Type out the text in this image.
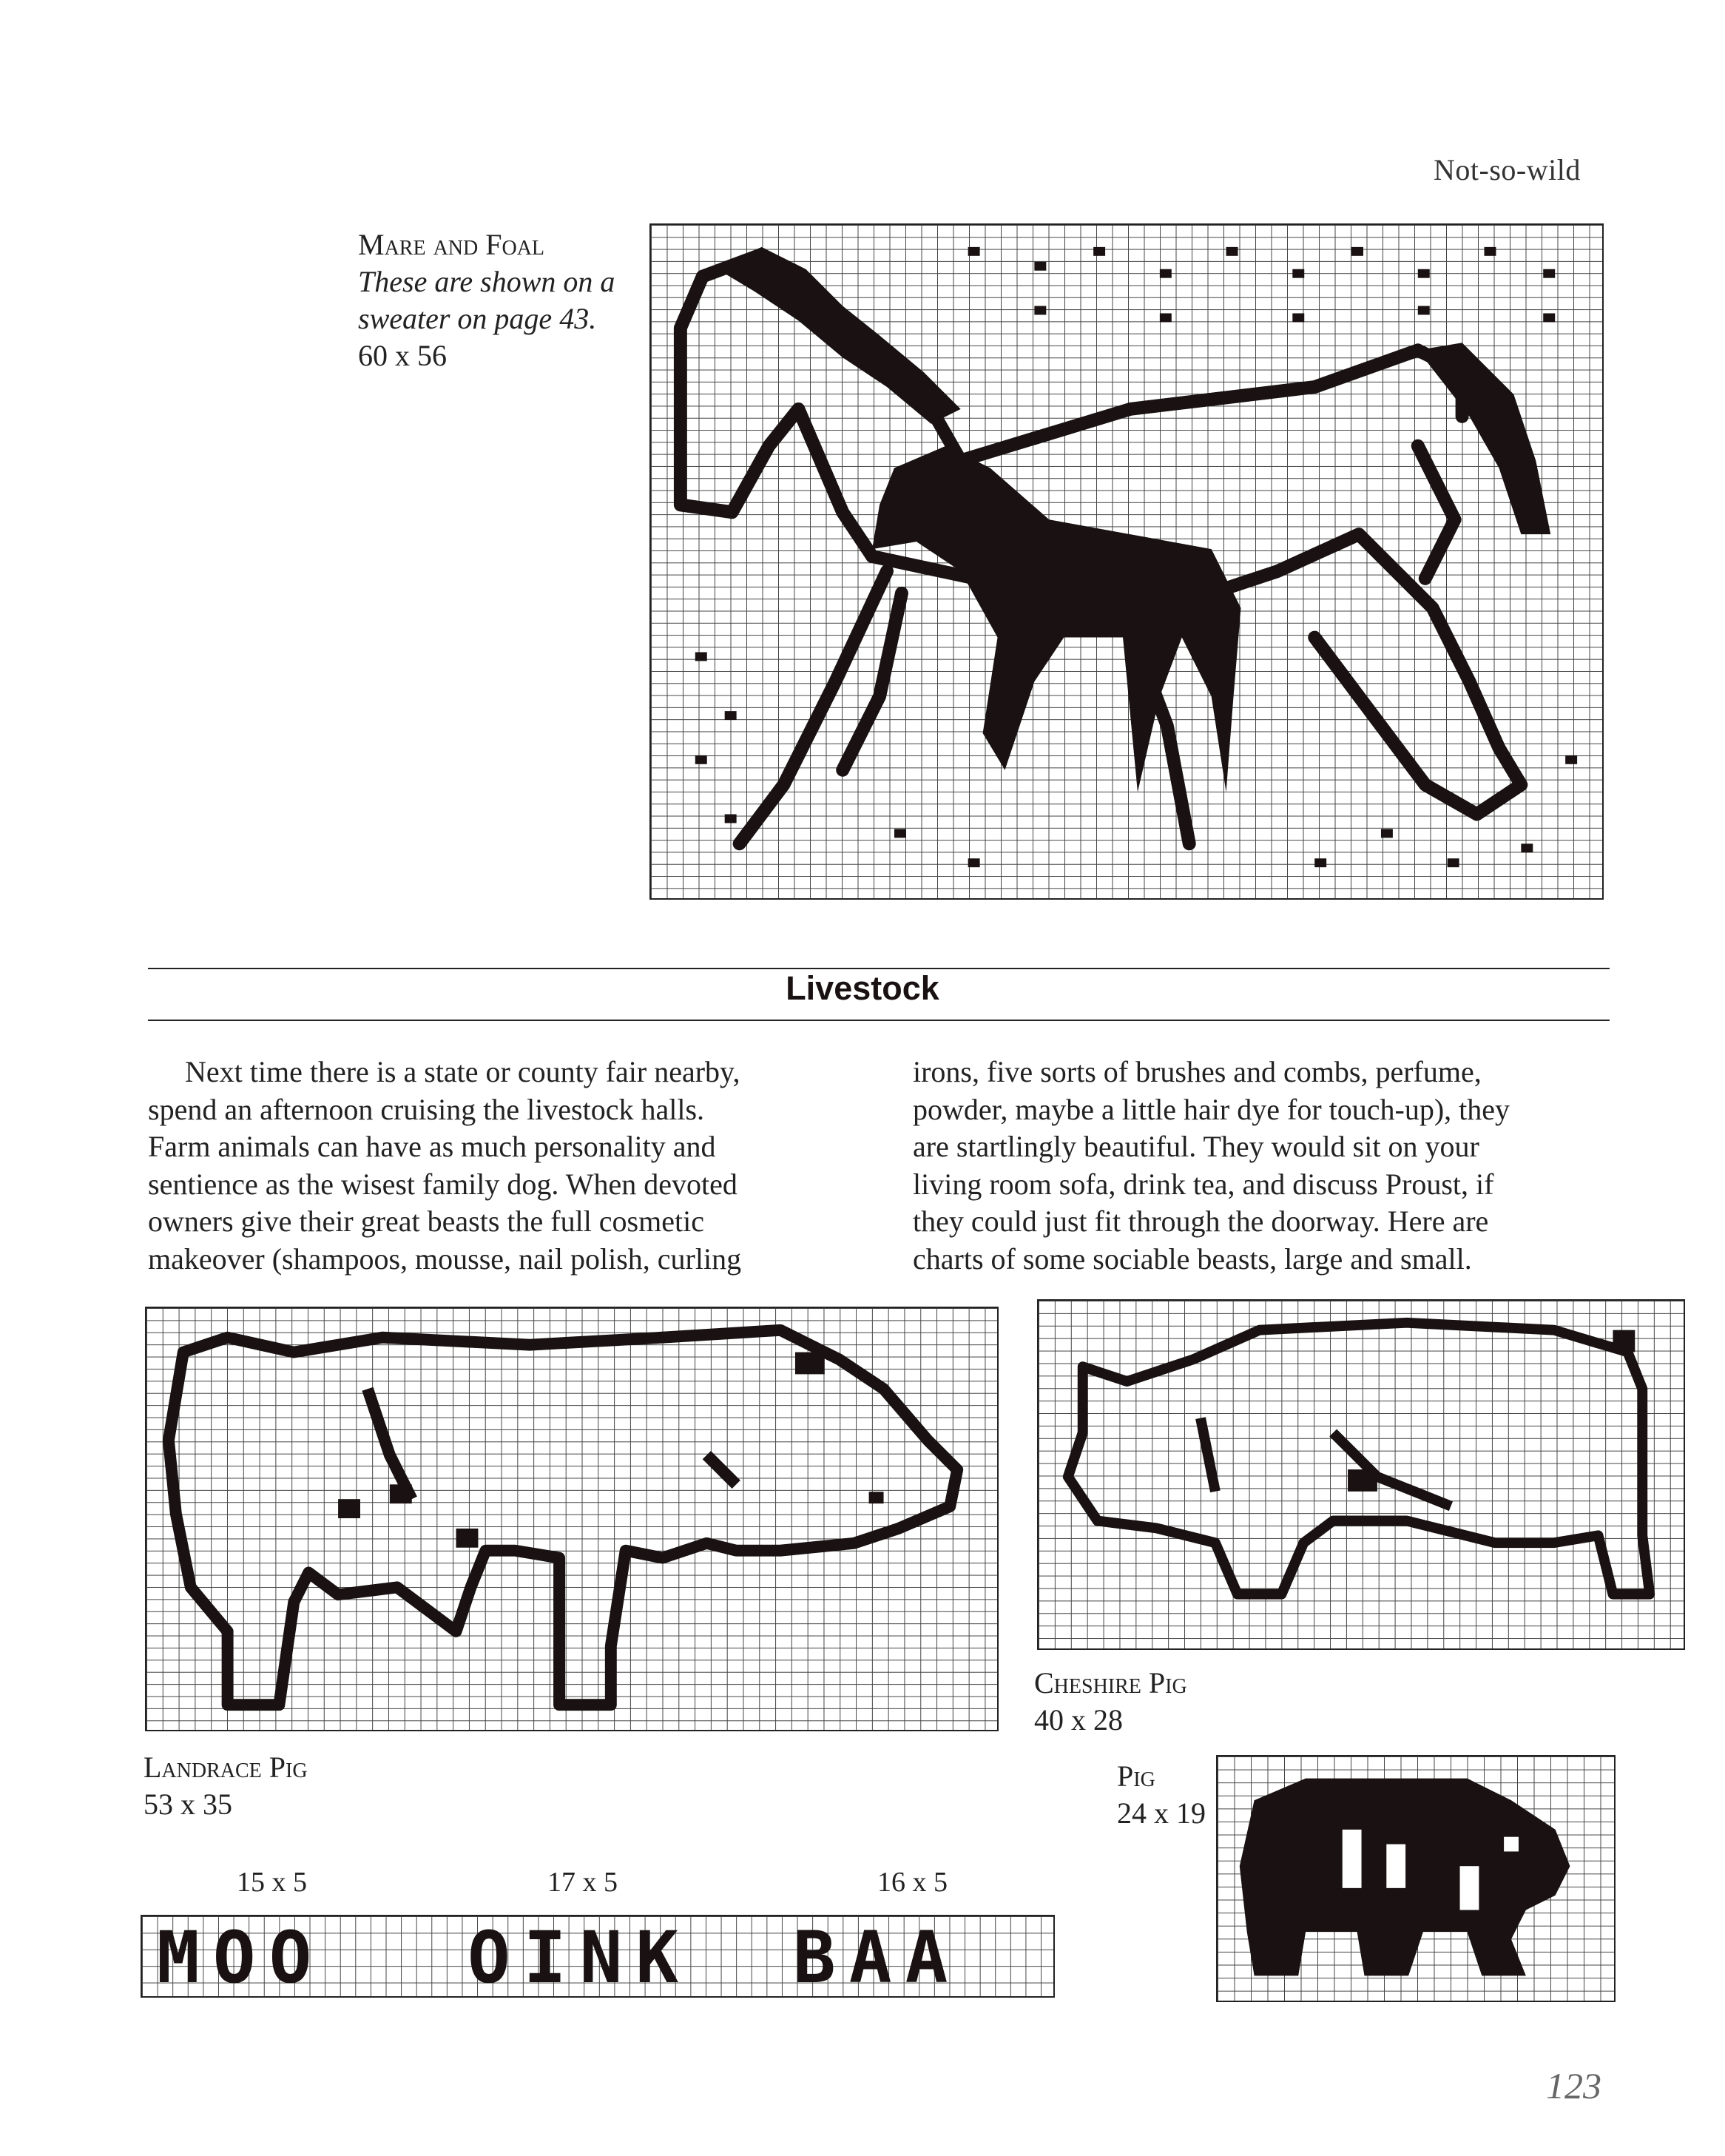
Not-so-wild
Mare and Foal
These are shown on a
sweater on page 43.
60 x 56
Livestock
Next time there is a state or county fair nearby,
spend an afternoon cruising the livestock halls.
Farm animals can have as much personality and
sentience as the wisest family dog. When devoted
owners give their great beasts the full cosmetic
makeover (shampoos, mousse, nail polish, curling
irons, five sorts of brushes and combs, perfume,
powder, maybe a little hair dye for touch-up), they
are startlingly beautiful. They would sit on your
living room sofa, drink tea, and discuss Proust, if
they could just fit through the doorway. Here are
charts of some sociable beasts, large and small.
Landrace Pig
53 x 35
Cheshire Pig
40 x 28
Pig
24 x 19
15 x 5	17 x 5	16 x 5
MOO OINK BAA
123
